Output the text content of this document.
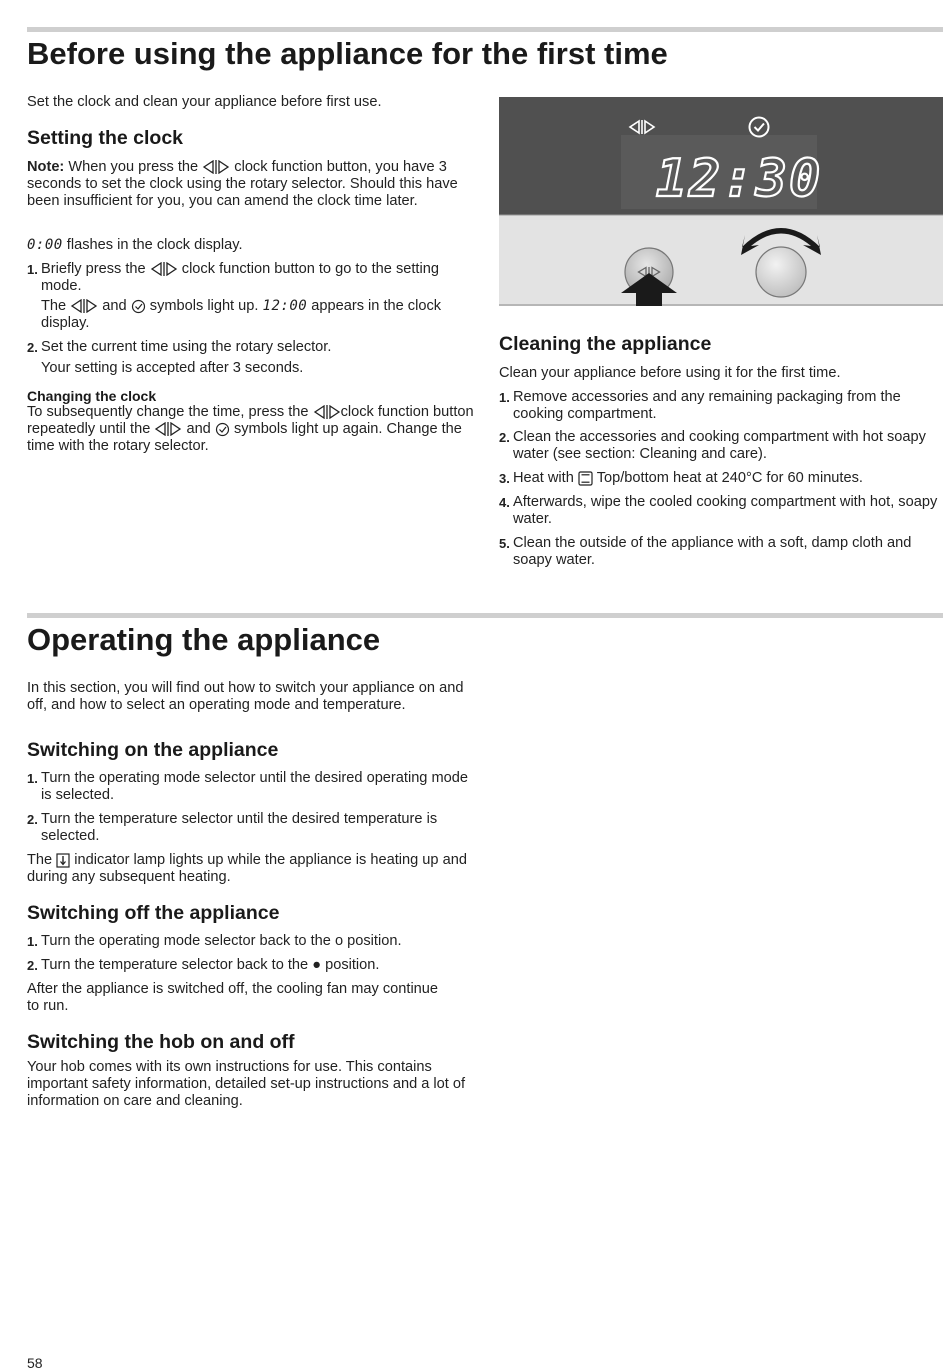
Before using the appliance for the first time

Set the clock and clean your appliance before first use.

Setting the clock

Note: When you press the clock function button, you have 3 seconds to set the clock using the rotary selector. Should this have been insufficient for you, you can amend the clock time later.

0:00 flashes in the clock display.

1. Briefly press the clock function button to go to the setting mode.
The and symbols light up. 12:00 appears in the clock display.
2. Set the current time using the rotary selector.
Your setting is accepted after 3 seconds.
Changing the clock

To subsequently change the time, press the clock function button repeatedly until the and symbols light up again. Change the time with the rotary selector.

12:30
Cleaning the appliance

Clean your appliance before using it for the first time.

1. Remove accessories and any remaining packaging from the cooking compartment.
2. Clean the accessories and cooking compartment with hot soapy water (see section: Cleaning and care).
3. Heat with Top/bottom heat at 240°C for 60 minutes.
4. Afterwards, wipe the cooled cooking compartment with hot, soapy water.
5. Clean the outside of the appliance with a soft, damp cloth and soapy water.
Operating the appliance

In this section, you will find out how to switch your appliance on and off, and how to select an operating mode and temperature.

Switching on the appliance
1. Turn the operating mode selector until the desired operating mode is selected.
2. Turn the temperature selector until the desired temperature is selected.

The indicator lamp lights up while the appliance is heating up and during any subsequent heating.

Switching off the appliance
1. Turn the operating mode selector back to the o position.
2. Turn the temperature selector back to the ● position.

After the appliance is switched off, the cooling fan may continue to run.

Switching the hob on and off

Your hob comes with its own instructions for use. This contains important safety information, detailed set-up instructions and a lot of information on care and cleaning.

58
